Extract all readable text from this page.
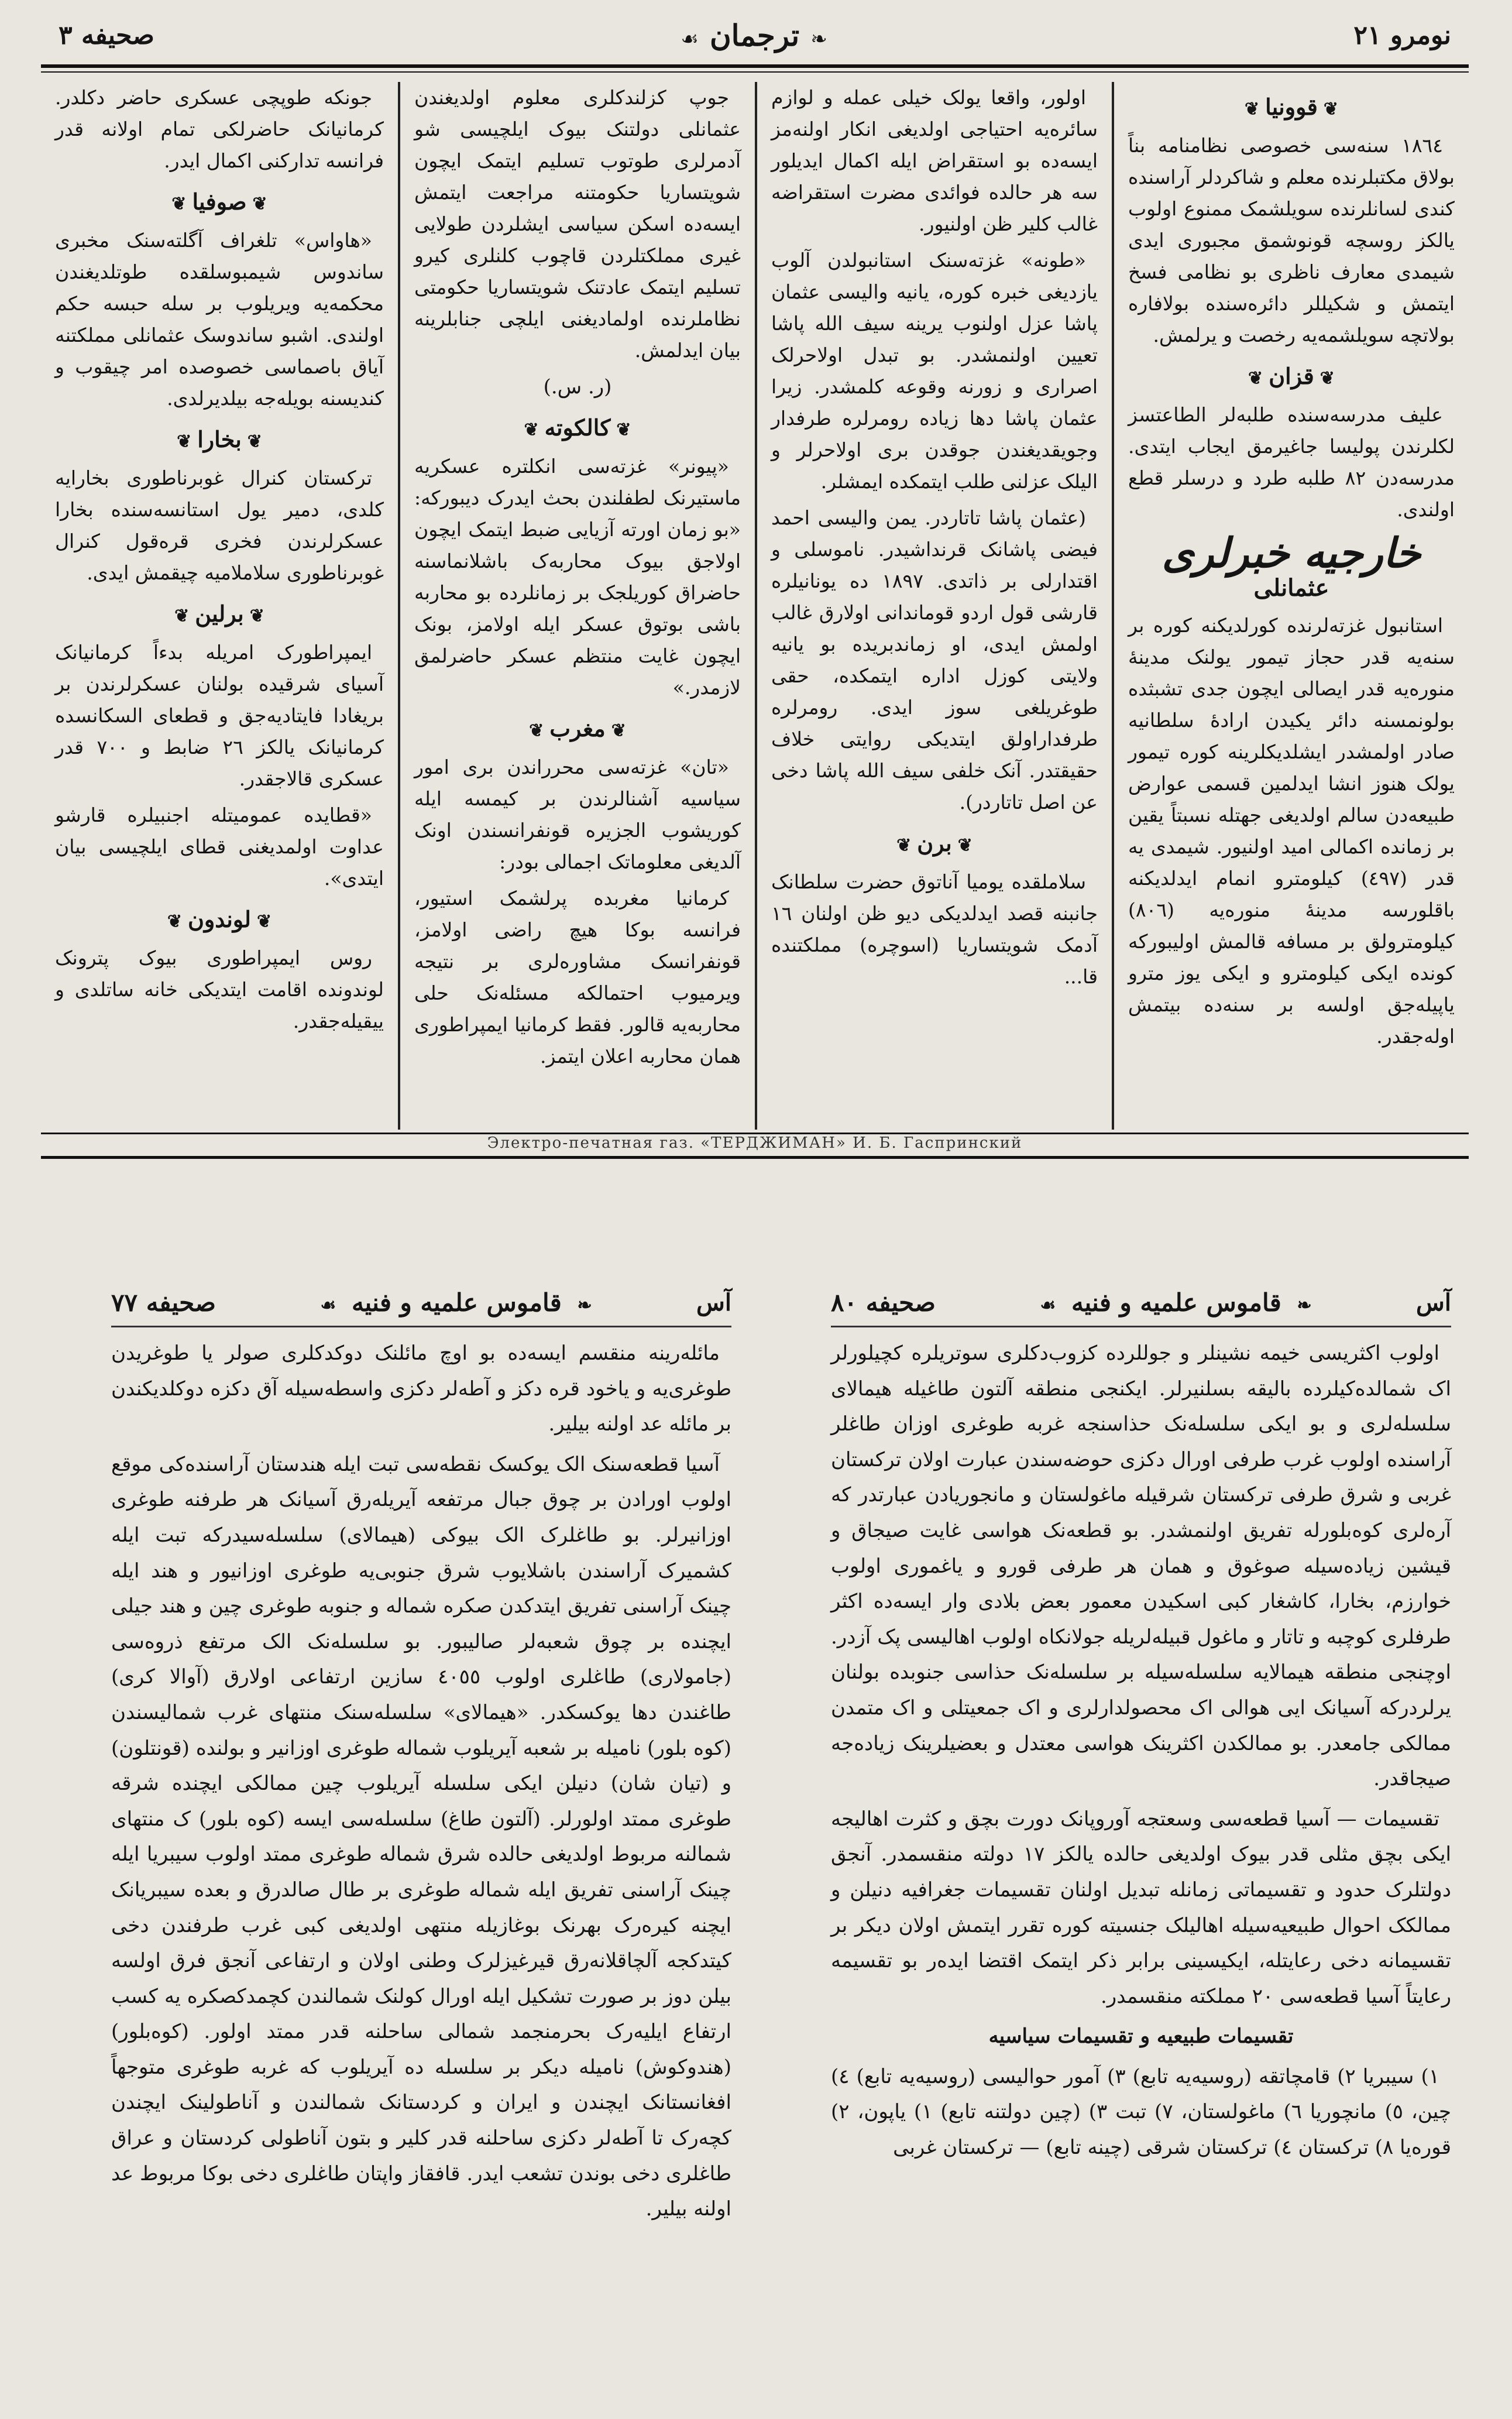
نومرو ٢١
❧ ترجمان ☙
صحیفه ٣
❦قوونیا❦

١٨٦٤ سنه‌سی خصوصی نظامنامه بناً بولاق مکتبلرنده معلم و شاکردلر آراسنده کندی لسانلرنده سویلشمک ممنوع اولوب یالکز روسچه قونوشمق مجبوری ایدی شیمدی معارف ناظری بو نظامی فسخ ایتمش و شکیللر دائره‌سنده بولافاره بولاتچه سویلشمه‌یه رخصت و یرلمش.

❦قزان❦

علیف مدرسه‌سنده طلبه‌لر الطاعتسز لکلرندن پولیسا جاغیرمق ایجاب ایتدی. مدرسه‌دن ٨٢ طلبه طرد و درسلر قطع اولندی.

خارجیه خبرلری
عثمانلی

استانبول غزته‌لرنده کورلدیکنه کوره بر سنه‌یه قدر حجاز تیمور یولنک مدینهٔ منوره‌یه قدر ایصالی ایچون جدی تشبثده بولونمسنه دائر یکیدن ارادهٔ سلطانیه صادر اولمشدر ایشلدیکلرینه کوره تیمور یولک هنوز انشا ایدلمین قسمی عوارض طبیعه‌دن سالم اولدیغی جهتله نسبتاً یقین بر زمانده اکمالی امید اولنیور. شیمدی یه قدر (٤٩٧) کیلومترو انمام ایدلدیکنه باقلورسه مدینهٔ منوره‌یه (٨٠٦) کیلومترولق بر مسافه قالمش اولیبورکه کونده ایکی کیلومترو و ایکی یوز مترو یاپیله‌جق اولسه بر سنه‌ده بیتمش اوله‌جقدر.

اولور، واقعا یولک خیلی عمله و لوازم سائره‌یه احتیاجی اولدیغی انکار اولنه‌مز ایسه‌ده بو استقراض ایله اکمال ایدیلور سه هر حالده فوائدی مضرت استقراضه غالب کلیر ظن اولنیور.

«طونه» غزته‌سنک استانبولدن آلوب یازدیغی خبره کوره، یانیه والیسی عثمان پاشا عزل اولنوب یرینه سیف الله پاشا تعیین اولنمشدر. بو تبدل اولاحرلک اصراری و زورنه وقوعه کلمشدر. زیرا عثمان پاشا دها زیاده رومرلره طرفدار وجویقدیغندن جوقدن بری اولاحرلر و الیلک عزلنی طلب ایتمکده ایمشلر.

(عثمان پاشا تاتاردر. یمن والیسی احمد فیضی پاشانک قرنداشیدر. ناموسلی و اقتدارلی بر ذاتدی. ١٨٩٧ ده یونانیلره قارشی قول اردو قوماندانی اولارق غالب اولمش ایدی، او زماندبریده بو یانیه ولایتی کوزل اداره ایتمکده، حقی طوغریلغی سوز ایدی. رومرلره طرفداراولق ایتدیکی روایتی خلاف حقیقتدر. آنک خلفی سیف الله پاشا دخی عن اصل تاتاردر).

❦برن❦

سلاملقده یومیا آناتوق حضرت سلطانک جانبنه قصد ایدلدیکی دیو ظن اولنان ١٦ آدمک شویتساریا (اسوچره) مملکتنده قا...

جوپ کزلندکلری معلوم اولدیغندن عثمانلی دولتنک بیوک ایلچیسی شو آدمرلری طوتوب تسلیم ایتمک ایچون شویتساریا حکومتنه مراجعت ایتمش ایسه‌ده اسکن سیاسی ایشلردن طولایی غیری مملکتلردن قاچوب کلنلری کیرو تسلیم ایتمک عادتنک شویتساریا حکومتی نظاملرنده اولمادیغنی ایلچی جنابلرینه بیان ایدلمش.

(ر. س.)
❦کالکوته❦

«پیونر» غزته‌سی انکلتره عسکریه ماستیرنک لطفلندن بحث ایدرک دیبورکه: «بو زمان اورته آزیایی ضبط ایتمک ایچون اولاجق بیوک محاربه‌ک باشلانماسنه حاضراق کوریلجک بر زمانلرده بو محاربه باشی بوتوق عسکر ایله اولامز، بونک ایچون غایت منتظم عسکر حاضرلمق لازمدر.»

❦مغرب❦

«تان» غزته‌سی محرراندن بری امور سیاسیه آشنالرندن بر کیمسه ایله کوریشوب الجزیره قونفرانسندن اونک آلدیغی معلوماتک اجمالی بودر:

کرمانیا مغربده پرلشمک استیور، فرانسه بوکا هیچ راضی اولامز، قونفرانسک مشاوره‌لری بر نتیجه ویرمیوب احتمالکه مسئله‌نک حلی محاربه‌یه قالور. فقط کرمانیا ایمپراطوری همان محاربه اعلان ایتمز.

جونکه طوپچی عسکری حاضر دکلدر. کرمانیانک حاضرلکی تمام اولانه قدر فرانسه تدارکنی اکمال ایدر.

❦صوفیا❦

«هاواس» تلغراف آگلته‌سنک مخبری ساندوس شیمبوسلقده طوتلدیغندن محکمه‌یه ویریلوب بر سله حبسه حکم اولندی. اشبو ساندوسک عثمانلی مملکتنه آیاق باصماسی خصوصده امر چیقوب و کندیسنه بویله‌جه بیلدیرلدی.

❦بخارا❦

ترکستان کنرال غوبرناطوری بخارایه کلدی، دمیر یول استانسه‌سنده بخارا عسکرلرندن فخری قره‌قول کنرال غوبرناطوری سلاملامیه چیقمش ایدی.

❦برلین❦

ایمپراطورک امریله بدءاً کرمانیانک آسیای شرقیده بولنان عسکرلرندن بر بریغادا فایتادیه‌جق و قطعای السکانسده کرمانیانک یالکز ٢٦ ضابط و ٧٠٠ قدر عسکری قالاجقدر.

«قطایده عمومیتله اجنبیلره قارشو عداوت اولمدیغنی قطای ایلچیسی بیان ایتدی».

❦لوندون❦

روس ایمپراطوری بیوک پترونک لوندونده اقامت ایتدیکی خانه ساتلدی و ییقیله‌جقدر.

Электро-печатная газ. «ТЕРДЖИМАН» И. Б. Гаспринский
آس
❧ قاموس علمیه و فنیه ☙
صحیفه ٧٧

مائله‌رینه منقسم ایسه‌ده بو اوچ مائلنک دوکدکلری صولر یا طوغریدن طوغری‌یه و یاخود قره دکز و آطه‌لر دکزی واسطه‌سیله آق دکزه دوکلدیکندن بر مائله عد اولنه بیلیر.

آسیا قطعه‌سنک الک یوکسک نقطه‌سی تبت ایله هندستان آراسنده‌کی موقع اولوب اورادن بر چوق جبال مرتفعه آیریله‌رق آسیانک هر طرفنه طوغری اوزانیرلر. بو طاغلرک الک بیوکی (هیمالای) سلسله‌سیدرکه تبت ایله کشمیرک آراسندن باشلایوب شرق جنوبی‌یه طوغری اوزانیور و هند ایله چینک آراسنی تفریق ایتدکدن صکره شماله و جنوبه طوغری چین و هند جیلی ایچنده بر چوق شعبه‌لر صالیبور. بو سلسله‌نک الک مرتفع ذروه‌سی (جامولاری) طاغلری اولوب ٤٠٥٥ سازین ارتفاعی اولارق (آوالا کری) طاغندن دها یوکسکدر. «هیمالای» سلسله‌سنک منتهای غرب شمالیسندن (کوه بلور) نامیله بر شعبه آیریلوب شماله طوغری اوزانیر و بولنده (قونتلون) و (تیان شان) دنیلن ایکی سلسله آیریلوب چین ممالکی ایچنده شرقه طوغری ممتد اولورلر. (آلتون طاغ) سلسله‌سی ایسه (کوه بلور) ک منتهای شمالنه مربوط اولدیغی حالده شرق شماله طوغری ممتد اولوب سیبریا ایله چینک آراسنی تفریق ایله شماله طوغری بر طال صالدرق و بعده سیبریانک ایچنه کیره‌رک بهرنک بوغازیله منتهی اولدیغی کبی غرب طرفندن دخی کیتدکجه آلچاقلانه‌رق قیرغیزلرک وطنی اولان و ارتفاعی آنجق فرق اولسه بیلن دوز بر صورت تشکیل ایله اورال کولنک شمالندن کچمدکصکره یه کسب ارتفاع ایلیه‌رک بحرمنجمد شمالی ساحلنه قدر ممتد اولور. (کوه‌بلور) (هندوکوش) نامیله دیکر بر سلسله ده آیریلوب که غربه طوغری متوجهاً افغانستانک ایچندن و ایران و کردستانک شمالندن و آناطولینک ایچندن کچه‌رک تا آطه‌لر دکزی ساحلنه قدر کلیر و بتون آناطولی کردستان و عراق طاغلری دخی بوندن تشعب ایدر. قافقاز واپتان طاغلری دخی بوکا مربوط عد اولنه بیلیر.

آس
❧ قاموس علمیه و فنیه ☙
صحیفه ٨٠

اولوب اکثریسی خیمه نشینلر و جوللرده کزوب‌دکلری سوتریلره کچیلورلر اک شمالده‌کیلرده بالیقه بسلنیرلر. ایکنجی منطقه آلتون طاغیله هیمالای سلسله‌لری و بو ایکی سلسله‌نک حذاسنجه غربه طوغری اوزان طاغلر آراسنده اولوب غرب طرفی اورال دکزی حوضه‌سندن عبارت اولان ترکستان غربی و شرق طرفی ترکستان شرقیله ماغولستان و مانجوریادن عبارتدر که آرەلری کوه‌بلورله تفریق اولنمشدر. بو قطعه‌نک هواسی غایت صیجاق و قیشین زیاده‌سیله صوغوق و همان هر طرفی قورو و یاغموری اولوب خوارزم، بخارا، کاشغار کبی اسکیدن معمور بعض بلادی وار ایسه‌ده اکثر طرفلری کوچبه و تاتار و ماغول قبیله‌لریله جولانکاه اولوب اهالیسی پک آزدر. اوچنجی منطقه هیمالایه سلسله‌سیله بر سلسله‌نک حذاسی جنوبده بولنان یرلردرکه آسیانک ایی هوالی اک محصولدارلری و اک جمعیتلی و اک متمدن ممالکی جامعدر. بو ممالکدن اکثرینک هواسی معتدل و بعضیلرینک زیاده‌جه صیجاقدر.

تقسیمات — آسیا قطعه‌سی وسعتجه آوروپانک دورت بچق و کثرت اهالیجه ایکی بچق مثلی قدر بیوک اولدیغی حالده یالکز ١٧ دولته منقسمدر. آنجق دولتلرک حدود و تقسیماتی زمانله تبدیل اولنان تقسیمات جغرافیه دنیلن و ممالکک احوال طبیعیه‌سیله اهالیلک جنسیته کوره تقرر ایتمش اولان دیکر بر تقسیمانه دخی رعایتله، ایکیسینی برابر ذکر ایتمک اقتضا ایدەر بو تقسیمه رعایتاً آسیا قطعه‌سی ٢٠ مملکته منقسمدر.

تقسیمات طبیعیه و تقسیمات سیاسیه

١) سیبریا ٢) قامچاتقه (روسیه‌یه تابع) ٣) آمور حوالیسی (روسیه‌یه تابع) ٤) چین، ٥) مانچوریا ٦) ماغولستان، ٧) تبت ٣) (چین دولتنه تابع) ١) یاپون، ٢) قوره‌یا ٨) ترکستان ٤) ترکستان شرقی (چینه تابع) — ترکستان غربی
